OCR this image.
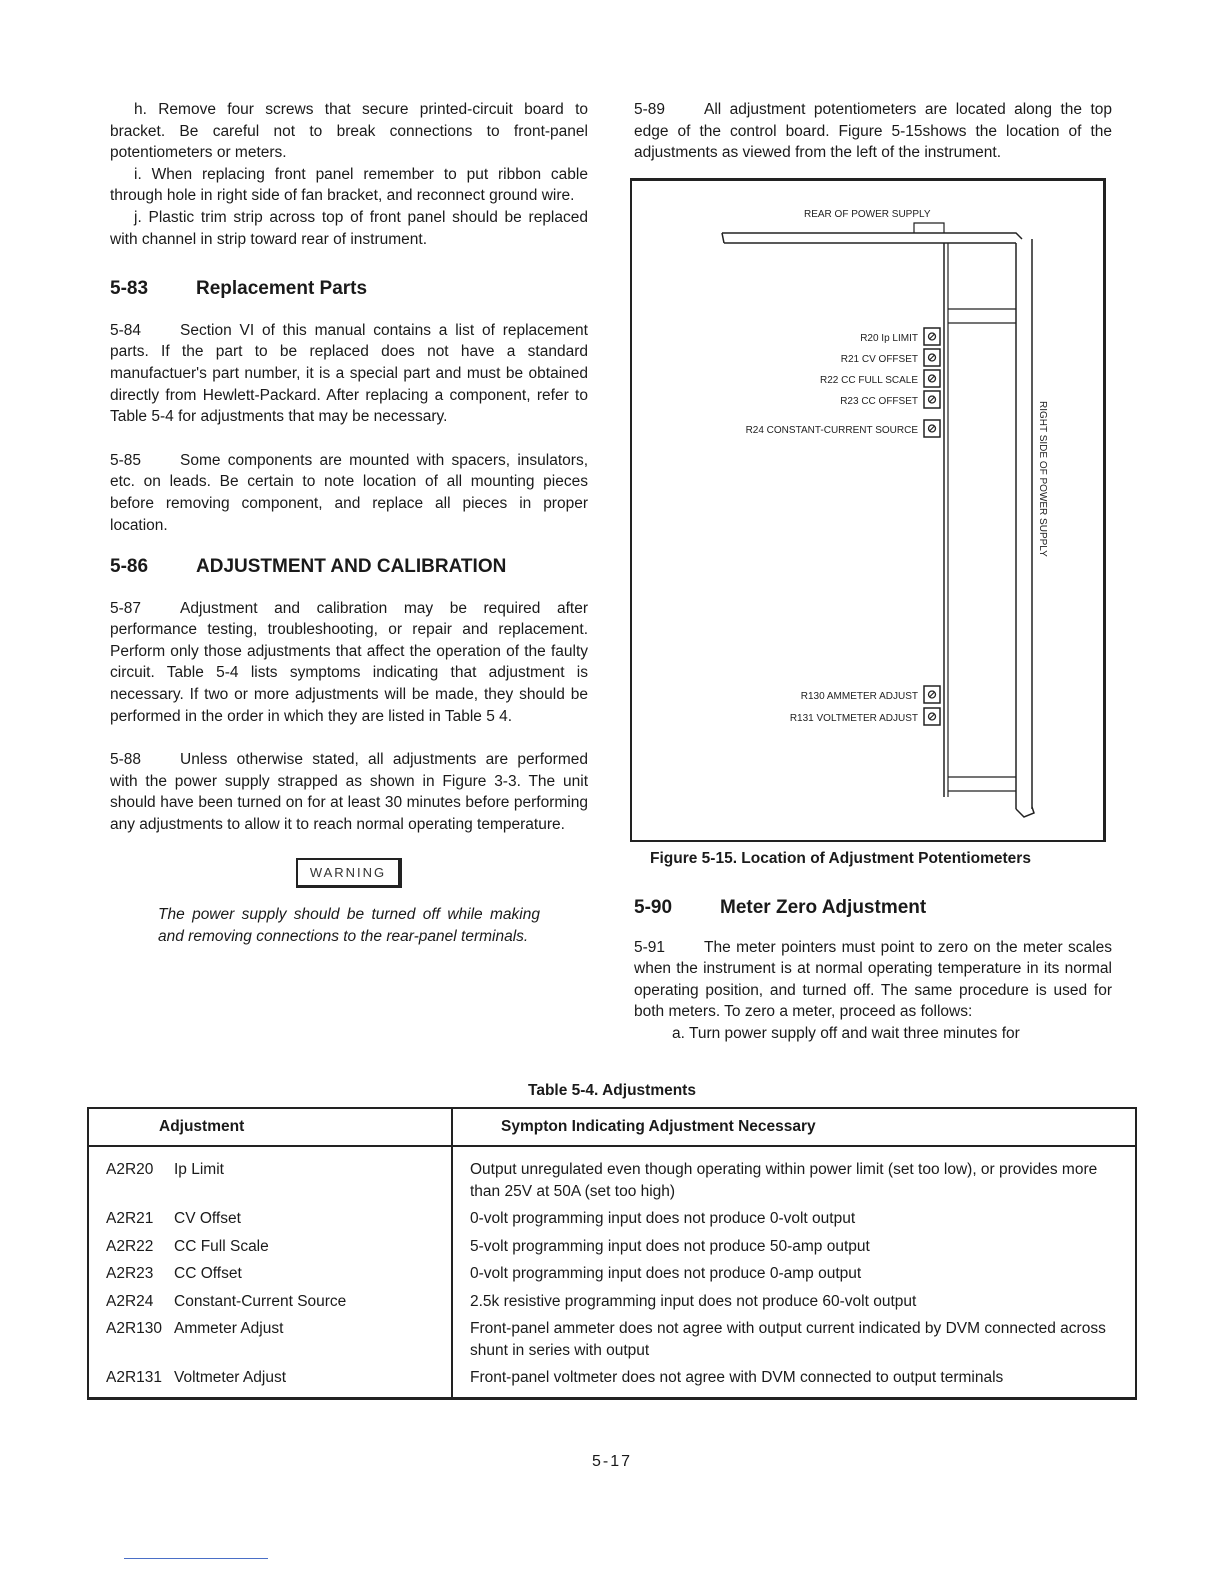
h. Remove four screws that secure printed-circuit board to bracket. Be careful not to break connections to front-panel potentiometers or meters.

i. When replacing front panel remember to put ribbon cable through hole in right side of fan bracket, and reconnect ground wire.

j. Plastic trim strip across top of front panel should be replaced with channel in strip toward rear of instrument.

5-83	Replacement Parts

5-84	Section VI of this manual contains a list of replacement parts. If the part to be replaced does not have a standard manufactuer's part number, it is a special part and must be obtained directly from Hewlett-Packard. After replacing a component, refer to Table 5-4 for adjustments that may be necessary.

5-85	Some components are mounted with spacers, insulators, etc. on leads. Be certain to note location of all mounting pieces before removing component, and replace all pieces in proper location.

5-86	ADJUSTMENT AND CALIBRATION

5-87	Adjustment and calibration may be required after performance testing, troubleshooting, or repair and replacement. Perform only those adjustments that affect the operation of the faulty circuit. Table 5-4 lists symptoms indicating that adjustment is necessary. If two or more adjustments will be made, they should be performed in the order in which they are listed in Table 5 4.

5-88	Unless otherwise stated, all adjustments are performed with the power supply strapped as shown in Figure 3-3. The unit should have been turned on for at least 30 minutes before performing any adjustments to allow it to reach normal operating temperature.

WARNING

The power supply should be turned off while making and removing connections to the rear-panel terminals.

5-89	All adjustment potentiometers are located along the top edge of the control board. Figure 5-15shows the location of the adjustments as viewed from the left of the instrument.

REAR OF POWER SUPPLY
R20 Ip LIMIT
R21 CV OFFSET
R22 CC FULL SCALE
R23 CC OFFSET
R24 CONSTANT-CURRENT SOURCE
R130 AMMETER ADJUST
R131 VOLTMETER ADJUST
RIGHT SIDE OF POWER SUPPLY
Figure 5-15. Location of Adjustment Potentiometers
5-90	Meter Zero Adjustment

5-91	The meter pointers must point to zero on the meter scales when the instrument is at normal operating temperature in its normal operating position, and turned off. The same procedure is used for both meters. To zero a meter, proceed as follows:

a. Turn power supply off and wait three minutes for

Table 5-4. Adjustments
Adjustment	Sympton Indicating Adjustment Necessary
A2R20 Ip Limit	Output unregulated even though operating within power limit (set too low), or provides more than 25V at 50A (set too high)
A2R21 CV Offset	0-volt programming input does not produce 0-volt output
A2R22 CC Full Scale	5-volt programming input does not produce 50-amp output
A2R23 CC Offset	0-volt programming input does not produce 0-amp output
A2R24 Constant-Current Source	2.5k resistive programming input does not produce 60-volt output
A2R130 Ammeter Adjust	Front-panel ammeter does not agree with output current indicated by DVM connected across shunt in series with output
A2R131 Voltmeter Adjust	Front-panel voltmeter does not agree with DVM connected to output terminals
5-17
